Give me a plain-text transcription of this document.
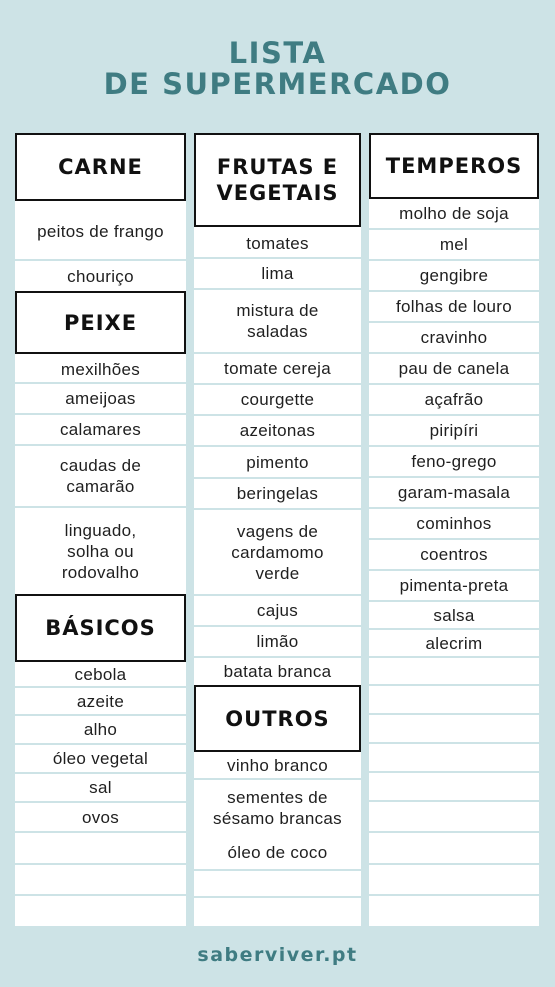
LISTA
DE SUPERMERCADO
CARNE
peitos de frango
chouriço
PEIXE
mexilhões
ameijoas
calamares
caudas de camarão
linguado, solha ou rodovalho
BÁSICOS
cebola
azeite
alho
óleo vegetal
sal
ovos
FRUTAS E VEGETAIS
tomates
lima
mistura de saladas
tomate cereja
courgette
azeitonas
pimento
beringelas
vagens de cardamomo verde
cajus
limão
batata branca
OUTROS
vinho branco
sementes de sésamo brancas
óleo de coco
TEMPEROS
molho de soja
mel
gengibre
folhas de louro
cravinho
pau de canela
açafrão
piripíri
feno-grego
garam-masala
cominhos
coentros
pimenta-preta
salsa
alecrim
saberviver.pt
